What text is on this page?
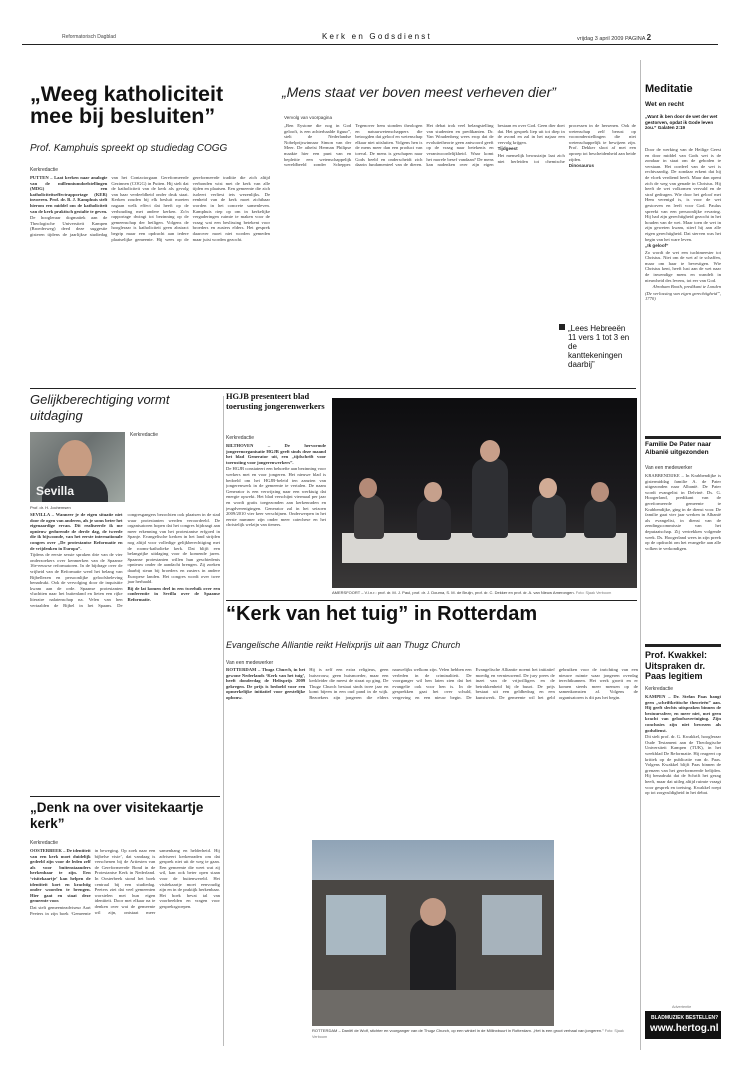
Reformatorisch Dagblad	Kerk en Godsdienst	vrijdag 3 april 2009 PAGINA 2
„Weeg katholiciteit mee bij besluiten”
Prof. Kamphuis spreekt op studiedag COGG
Kerkredactie

PUTTEN – Laat kerken naar analogie van de millenniumdoelstellingen (MDG) een katholiciteitseffectrapportage (KER) invoeren. Prof. dr. B. J. Kamphuis stelt hierom een middel om de katholiciteit van de kerk praktisch gestalte te geven.

De hoogleraar dogmatiek aan de Theologische Universiteit Kampen (Broederweg) deed deze suggestie gisteren tijdens de jaarlijkse studiedag van het Contactorgaan Gereformeerde Gezinnen (COGG) in Putten. Hij stelt dat de katholiciteit van de kerk als gevolg van haar verdeeldheid onder druk staat. Kerken zouden bij elk besluit moeten nagaan welk effect dat heeft op de verhouding met andere kerken. Zo'n rapportage dwingt tot bezinning op de gemeenschap der heiligen. Volgens de hoogleraar is katholiciteit geen abstract begrip maar een opdracht aan iedere plaatselijke gemeente. Hij wees op de gereformeerde traditie die zich altijd verbonden wist met de kerk van alle tijden en plaatsen. Een gemeente die zich isoleert verliest iets wezenlijks. De eenheid van de kerk moet zichtbaar worden in het concrete samenleven. Kamphuis riep op om in kerkelijke vergaderingen ruimte te maken voor de vraag wat een beslissing betekent voor broeders en zusters elders. Het gesprek daarover moet niet worden gemeden maar juist worden gezocht.

Vervolg van voorpagina
„Mens staat ver boven meest verheven dier”

„Ben Eystone die nog in God gelooft, is een achterhaalde figuur”, stelt de Nederlandse Nobelprijswinnaar Simon van der Meer. De atheïst Herman Philipse maakte hier een punt van en bepleitte een wetenschappelijk wereldbeeld zonder Schepper. Tegenover hem stonden theologen en natuurwetenschappers die betoogden dat geloof en wetenschap elkaar niet uitsluiten. Volgens hen is de mens meer dan een product van toeval. De mens is geschapen naar Gods beeld en onderscheidt zich daarin fundamenteel van de dieren. Het debat trok veel belangstelling van studenten en predikanten. Dr. Van Woudenberg wees erop dat de evolutietheorie geen antwoord geeft op de vraag naar betekenis en verantwoordelijkheid. Waar komt het morele besef vandaan? De mens kan nadenken over zijn eigen bestaan en over God. Geen dier doet dat. Het gesprek liep uit tot diep in de avond en zal in het najaar een vervolg krijgen.

Tijdgeest

Het menselijk bewustzijn laat zich niet herleiden tot chemische processen in de hersenen. Ook de wetenschap zelf berust op vooronderstellingen die niet wetenschappelijk te bewijzen zijn. Prof. Dekker sloot af met een oproep tot bescheidenheid aan beide zijden.

Dinosaurus

„Lees Hebreeën 11 vers 1 tot 3 en de kanttekeningen daarbij”
Meditatie
Wet en recht
„Want ik ben door de wet der wet gestorven, opdat ik Gode leven zou.” Galaten 2:19

Door de werking van de Heilige Geest en door middel van Gods wet is de zondaar in staat om de geboden te verstaan. Het oordeel van de wet is rechtvaardig. De zondaar erkent dat hij de vloek verdiend heeft. Maar dan opent zich de weg van genade in Christus. Hij heeft de wet volkomen vervuld en de straf gedragen. Wie door het geloof met Hem verenigd is, is voor de wet gestorven en leeft voor God. Paulus spreekt van een persoonlijke ervaring. Hij had zijn gerechtigheid gezocht in het houden van de wet. Maar toen de wet in zijn geweten kwam, stierf hij aan alle eigen gerechtigheid. Dat sterven was het begin van het ware leven.

„Ik geloof”

Zo wordt de wet een tuchtmeester tot Christus. Niet om de wet af te schaffen, maar om haar te bevestigen. Wie Christus kent, heeft lust aan de wet naar de inwendige mens en wandelt in nieuwheid des levens, tot eer van God.

Abraham Booth, predikant te Londen

(De verlossing van eigen gerechtigheid”, 1770)

Gelijkberechtiging vormt uitdaging
Kerkredactie
Sevilla
Prof. dr. H. Jochemsen

SEVILLA – Wanneer je de eigen situatie niet door de ogen van anderen, als je soms beter het eigenaardige ervan. Dit realiseerde ik me opnieuw gedurende de derde dag, de tweede die ik bijwoonde, van het eerste internationale congres over „De protestantse Reformatie en de vrijdenken in Europa”.

Tijdens de eerste sessie spraken drie van de vier onderzoekers over kenmerken van de Spaanse 16e-eeuwse reformatoren. In de bijdrage over de vrijheid van de Reformatie werd het belang van Bijbellezen en persoonlijke geloofsbeleving benadrukt. Ook de vervolging door de inquisitie kwam aan de orde. Spaanse protestanten vluchtten naar het buitenland en lieten een rijke literaire nalatenschap na. Velen van hen vertaalden de Bijbel in het Spaans. De congresgangers bezochten ook plaatsen in de stad waar protestanten werden veroordeeld. De organisatoren hopen dat het congres bijdraagt aan meer erkenning van het protestantse erfgoed in Spanje. Evangelische kerken in het land strijden nog altijd voor volledige gelijkberechtiging met de rooms-katholieke kerk. Dat blijft een belangrijke uitdaging voor de komende jaren. Spaanse protestanten willen hun geschiedenis opnieuw onder de aandacht brengen. Zij zoeken daarbij steun bij broeders en zusters in andere Europese landen. Het congres wordt over twee jaar herhaald.

Bij de lat komen deel in een tweeluik over een conferentie in Sevilla over de Spaanse Reformatie.

HGJB presenteert blad toerusting jongerenwerkers
Kerkredactie

BILTHOVEN – De hervormde jongerenorganisatie HGJB geeft sinds deze maand het blad Generator uit, een „tijdschrift voor toerusting voor jongerenwerkers”.

De HGJB constateert een behoefte aan bezinning voor werkers met en voor jongeren. Het nieuwe blad is bedoeld om het HGJB-beleid ten aanzien van jongerenwerk in de gemeente te vertalen. De naam Generator is een verwijzing naar een werktuig dat energie opwekt. Het blad verschijnt viermaal per jaar en wordt gratis toegezonden aan kerkenraden en jeugdverenigingen. Generator zal in het seizoen 2009/2010 vier keer verschijnen. Onderwerpen in het eerste nummer zijn onder meer catechese en het christelijk welzijn van tieners.

AMERSFOORT – V.l.n.r.: prof. dr. M. J. Paul, prof. dr. J. Douma, S. M. de Bruijn, prof. dr. C. Dekker en prof. dr. A. van Nieuw Amerongen. Foto: Sjaak Verboom
Familie De Pater naar Albanië uitgezonden
Van een medewerker
KRABBENDIJKE – In Krabbendijke is gistermiddag familie A. de Pater uitgezonden naar Albanië. De Pater wordt evangelist in Delvinë. Ds. G. Hoogerland, predikant van de gereformeerde gemeente te Krabbendijke, ging in de dienst voor. De familie gaat vier jaar werken in Albanië als evangelist, in dienst van de zendingscommissie van het deputaatschap. Zij vertrekken volgende week. Ds. Hoogerland wees in zijn preek op de opdracht om het evangelie aan alle volken te verkondigen.
“Kerk van het tuig” in Rotterdam
Evangelische Alliantie reikt Helixprijs uit aan Thugz Church
Van een medewerker

ROTTERDAM – Thugz Church, in het gewone Nederlands ‘Kerk van het tuig’, heeft donderdag de Helixprijs 2009 gekregen. De prijs is bedoeld voor een opmerkelijke initiatief voor geestelijke opbouw.

Hij is zelf een extra religieus, geen huisvrouw, geen huismoeder, maar een kerkleider die meest de straat op ging. De Thugz Church bestaat sinds twee jaar en komt bijeen in een oud pand in de wijk. Bezoekers zijn jongeren die elders nauwelijks welkom zijn. Velen hebben een verleden in de criminaliteit. De voorganger wil hen laten zien dat het evangelie ook voor hen is. In de gesprekken gaat het over schuld, vergeving en een nieuw begin. De Evangelische Alliantie noemt het initiatief moedig en vernieuwend. De jury prees de inzet van de vrijwilligers en de betrokkenheid bij de buurt. De prijs bestaat uit een geldbedrag en een kunstwerk. De gemeente wil het geld gebruiken voor de inrichting van een nieuwe ruimte waar jongeren overdag terechtkunnen. Het werk groeit en er komen steeds meer mensen op de samenkomsten af. Volgens de organisatoren is dit pas het begin.

ROTTERDAM – Daniël de Wolf, stichter en voorganger van de Thugz Church, op een winkel in de Millinxbuurt in Rotterdam. „Het is een groot verhaal van jongeren.” Foto: Sjaak Verboom
„Denk na over visitekaartje kerk”
Kerkredactie

OOSTERBEEK – De identiteit van een kerk moet duidelijk gedeeld zijn voor de leden zelf als voor buitenstaanders herkenbaar te zijn. Een ‘visitekaartje’ kan helpen de identiteit kort en krachtig onder woorden te brengen. Hier gaat en staat deze gemeente voor.

Dat stelt gemeenteadviseur Aart Peeters in zijn boek ‘Gemeente in beweging. Op zoek naar een bijbelse visie’, dat vandaag is verschenen bij de Artiesten van de Gereformeerde Bond in de Protestantse Kerk in Nederland. In Oosterbeek stond het boek centraal bij een studiedag. Peeters ziet dat veel gemeenten worstelen met hun eigen identiteit. Door met elkaar na te denken over wat de gemeente wil zijn, ontstaat meer samenhang en helderheid. Hij adviseert kerkenraden om dat gesprek niet uit de weg te gaan. Een gemeente die weet wat zij wil, kan ook beter open staan voor de buitenwereld. Het visitekaartje moet eenvoudig zijn en in de praktijk herkenbaar. Het boek bevat tal van voorbeelden en vragen voor gespreksgroepen.

Prof. Kwakkel: Uitspraken dr. Paas legitiem
Kerkredactie

KAMPEN – Dr. Stefan Paas hangt geen „schriftkritische theorieën” aan. Hij geeft slechts uitspraken binnen de bestuurssfeer, en meer niet, met geen kracht van geloofsovertuiging. Zijn conclusies zijn niet bewezen als godsdienst.

Dit stelt prof. dr. G. Kwakkel, hoogleraar Oude Testament aan de Theologische Universiteit Kampen (TUK), in het weekblad De Reformatie. Hij reageert op kritiek op de publicatie van dr. Paas. Volgens Kwakkel blijft Paas binnen de grenzen van het gereformeerde belijden. Hij benadrukt dat de Schrift het gezag heeft, maar dat uitleg altijd ruimte vraagt voor gesprek en toetsing. Kwakkel roept op tot zorgvuldigheid in het debat.

Advertentie
BLADMUZIEK BESTELLEN?
www.hertog.nl
